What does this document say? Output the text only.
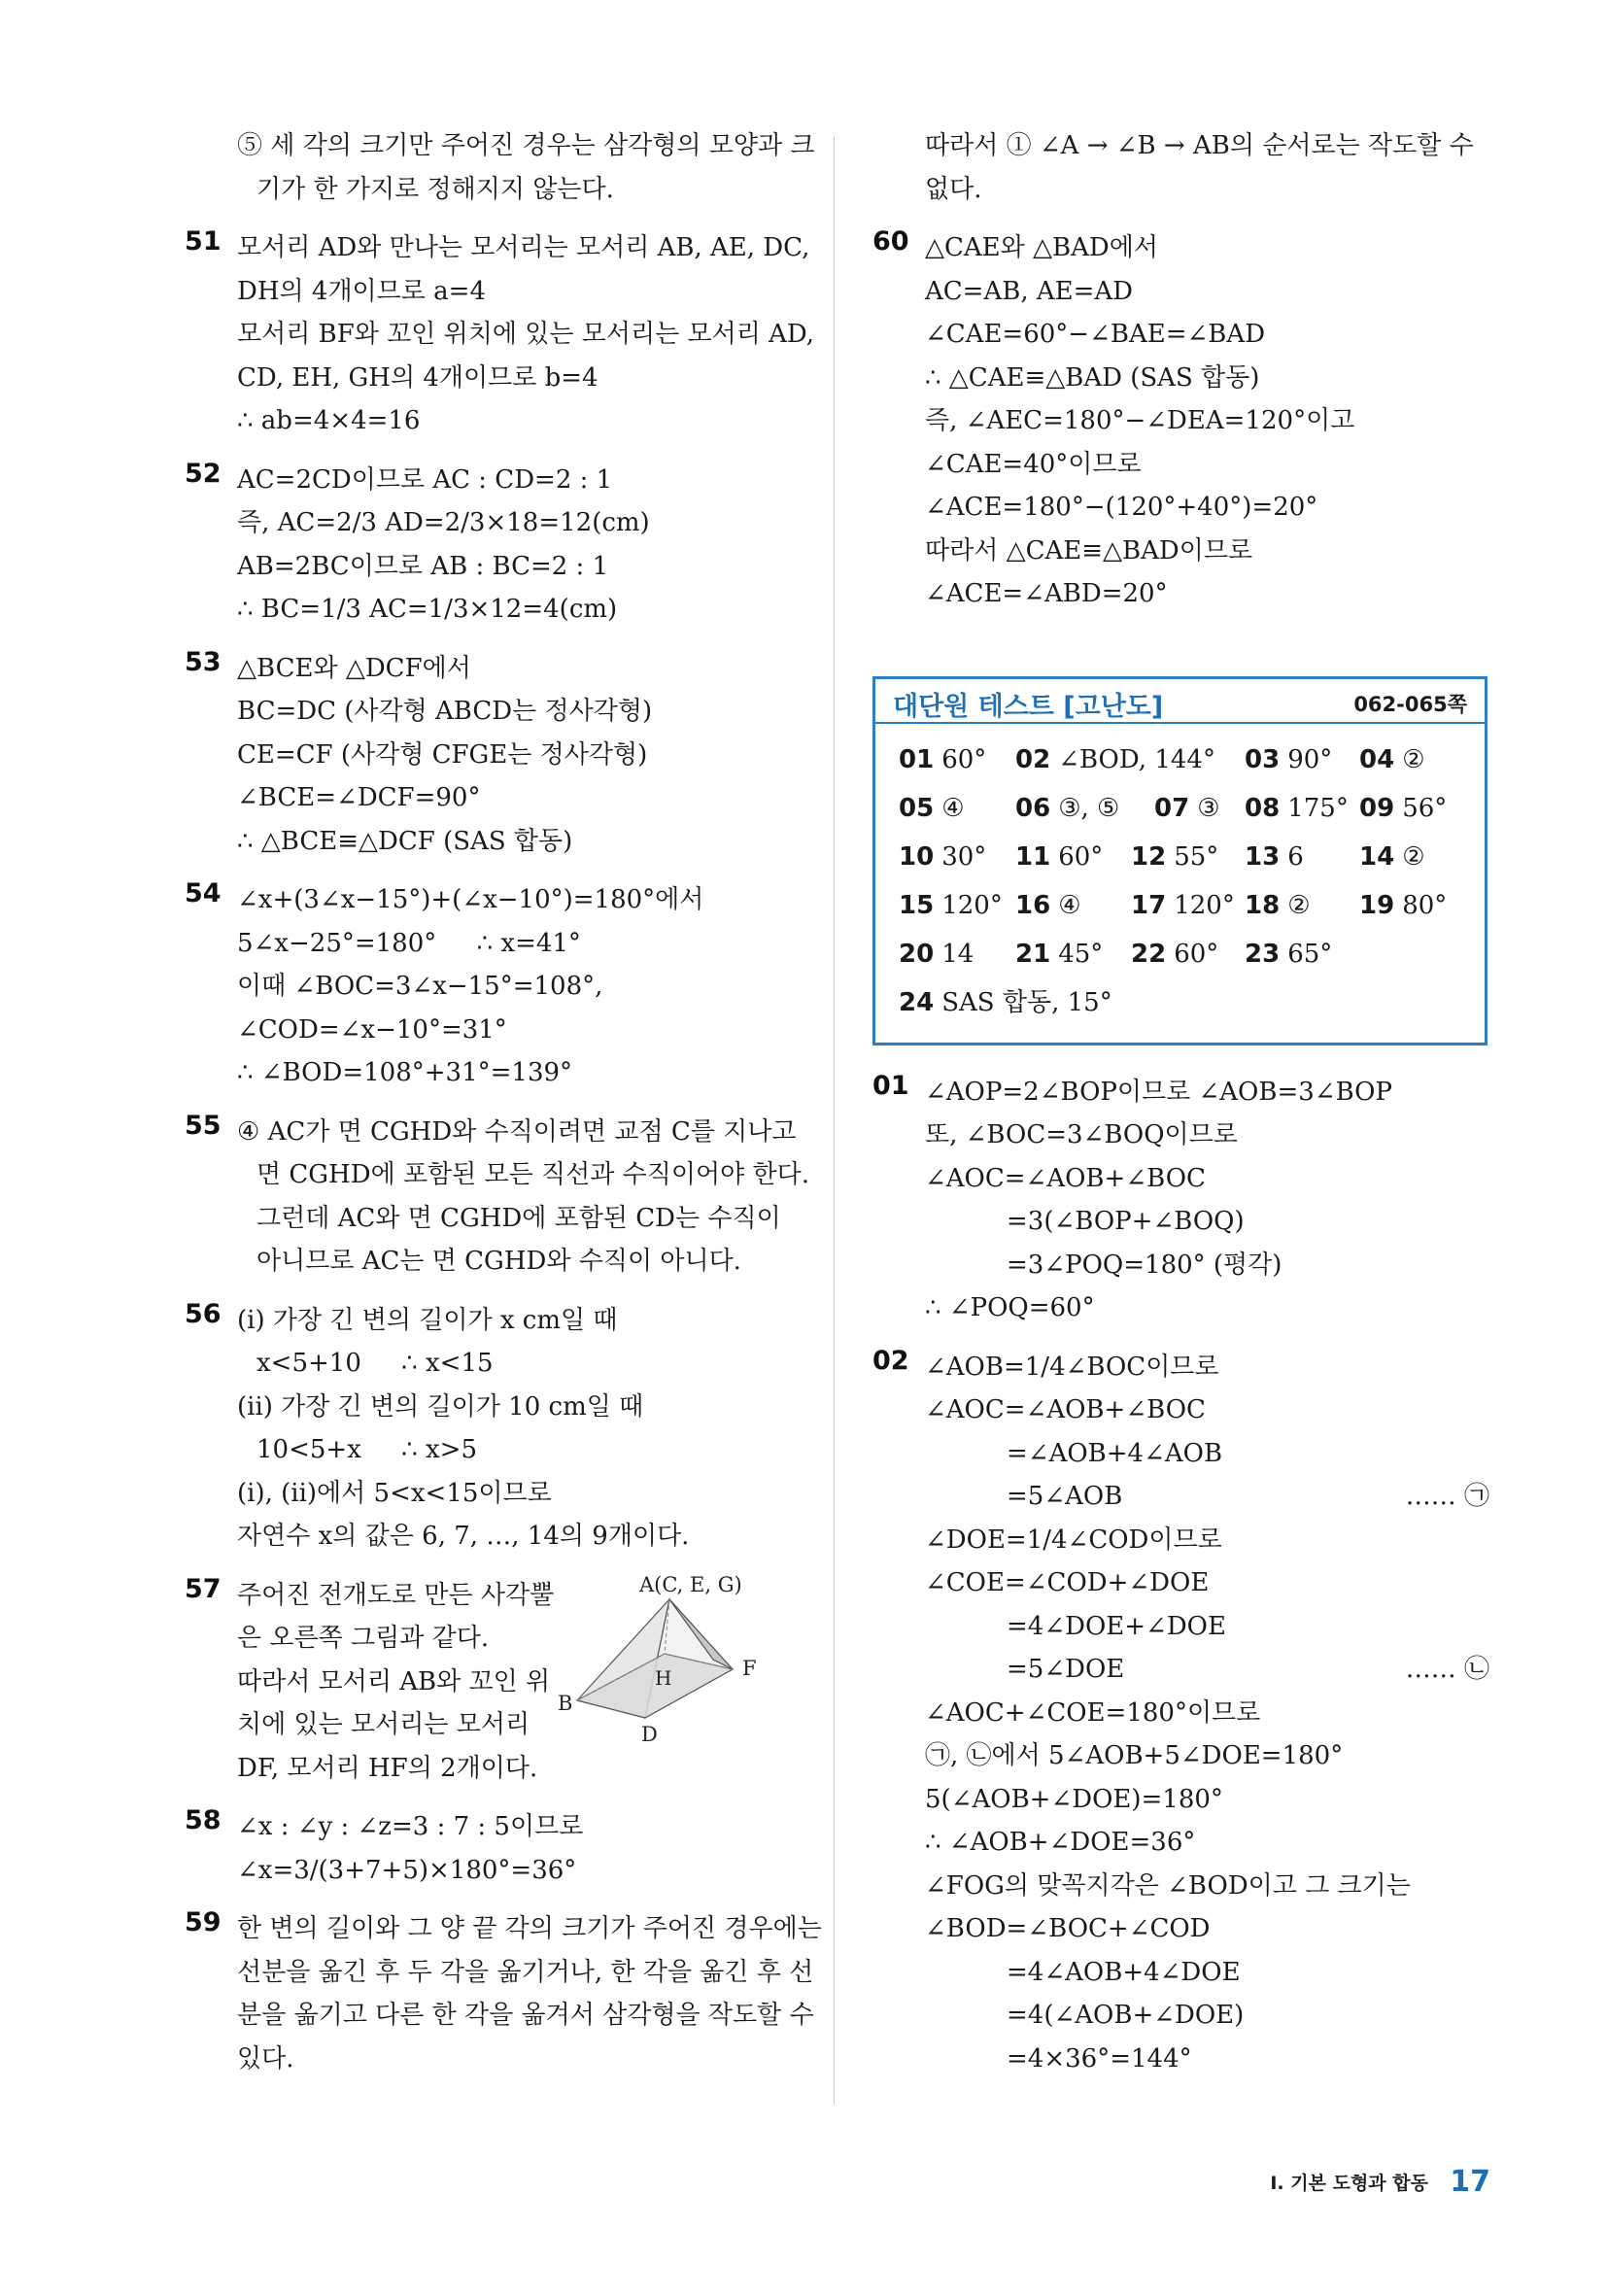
⑤ 세 각의 크기만 주어진 경우는 삼각형의 모양과 크
기가 한 가지로 정해지지 않는다.
51 모서리 AD와 만나는 모서리는 모서리 AB, AE, DC,
DH의 4개이므로 a=4
모서리 BF와 꼬인 위치에 있는 모서리는 모서리 AD,
CD, EH, GH의 4개이므로 b=4
∴ ab=4×4=16
52 AC=2CD이므로 AC : CD=2 : 1
즉, AC=2/3 AD=2/3×18=12(cm)
AB=2BC이므로 AB : BC=2 : 1
∴ BC=1/3 AC=1/3×12=4(cm)
53 △BCE와 △DCF에서
BC=DC (사각형 ABCD는 정사각형)
CE=CF (사각형 CFGE는 정사각형)
∠BCE=∠DCF=90°
∴ △BCE≡△DCF (SAS 합동)
54 ∠x+(3∠x−15°)+(∠x−10°)=180°에서
5∠x−25°=180°     ∴ x=41°
이때 ∠BOC=3∠x−15°=108°,
∠COD=∠x−10°=31°
∴ ∠BOD=108°+31°=139°
55 ④ AC가 면 CGHD와 수직이려면 교점 C를 지나고
면 CGHD에 포함된 모든 직선과 수직이어야 한다.
그런데 AC와 면 CGHD에 포함된 CD는 수직이
아니므로 AC는 면 CGHD와 수직이 아니다.
56 (ⅰ) 가장 긴 변의 길이가 x cm일 때
x<5+10     ∴ x<15
(ⅱ) 가장 긴 변의 길이가 10 cm일 때
10<5+x     ∴ x>5
(ⅰ), (ⅱ)에서 5<x<15이므로
자연수 x의 값은 6, 7, …, 14의 9개이다.
57 주어진 전개도로 만든 사각뿔
은 오른쪽 그림과 같다.
따라서 모서리 AB와 꼬인 위
치에 있는 모서리는 모서리
DF, 모서리 HF의 2개이다.
A(C, E, G)
B
H	F
D
58 ∠x : ∠y : ∠z=3 : 7 : 5이므로
∠x=3/(3+7+5)×180°=36°
59 한 변의 길이와 그 양 끝 각의 크기가 주어진 경우에는
선분을 옮긴 후 두 각을 옮기거나, 한 각을 옮긴 후 선
분을 옮기고 다른 한 각을 옮겨서 삼각형을 작도할 수
있다.
따라서 ① ∠A → ∠B → AB의 순서로는 작도할 수
없다.
60 △CAE와 △BAD에서
AC=AB, AE=AD
∠CAE=60°−∠BAE=∠BAD
∴ △CAE≡△BAD (SAS 합동)
즉, ∠AEC=180°−∠DEA=120°이고
∠CAE=40°이므로
∠ACE=180°−(120°+40°)=20°
따라서 △CAE≡△BAD이므로
∠ACE=∠ABD=20°
대단원 테스트 [고난도]	062-065쪽
01 60° 02 ∠BOD, 144° 03 90° 04 ②
05 ④ 06 ③, ⑤ 07 ③ 08 175° 09 56°
10 30° 11 60° 12 55° 13 6 14 ②
15 120° 16 ④ 17 120° 18 ② 19 80°
20 14 21 45° 22 60° 23 65°
24 SAS 합동, 15°
01 ∠AOP=2∠BOP이므로 ∠AOB=3∠BOP
또, ∠BOC=3∠BOQ이므로
∠AOC=∠AOB+∠BOC
=3(∠BOP+∠BOQ)
=3∠POQ=180° (평각)
∴ ∠POQ=60°
02 ∠AOB=1/4∠BOC이므로
∠AOC=∠AOB+∠BOC
=∠AOB+4∠AOB
=5∠AOB	…… ㉠
∠DOE=1/4∠COD이므로
∠COE=∠COD+∠DOE
=4∠DOE+∠DOE
=5∠DOE	…… ㉡
∠AOC+∠COE=180°이므로
㉠, ㉡에서 5∠AOB+5∠DOE=180°
5(∠AOB+∠DOE)=180°
∴ ∠AOB+∠DOE=36°
∠FOG의 맞꼭지각은 ∠BOD이고 그 크기는
∠BOD=∠BOC+∠COD
=4∠AOB+4∠DOE
=4(∠AOB+∠DOE)
=4×36°=144°
Ⅰ. 기본 도형과 합동 17
